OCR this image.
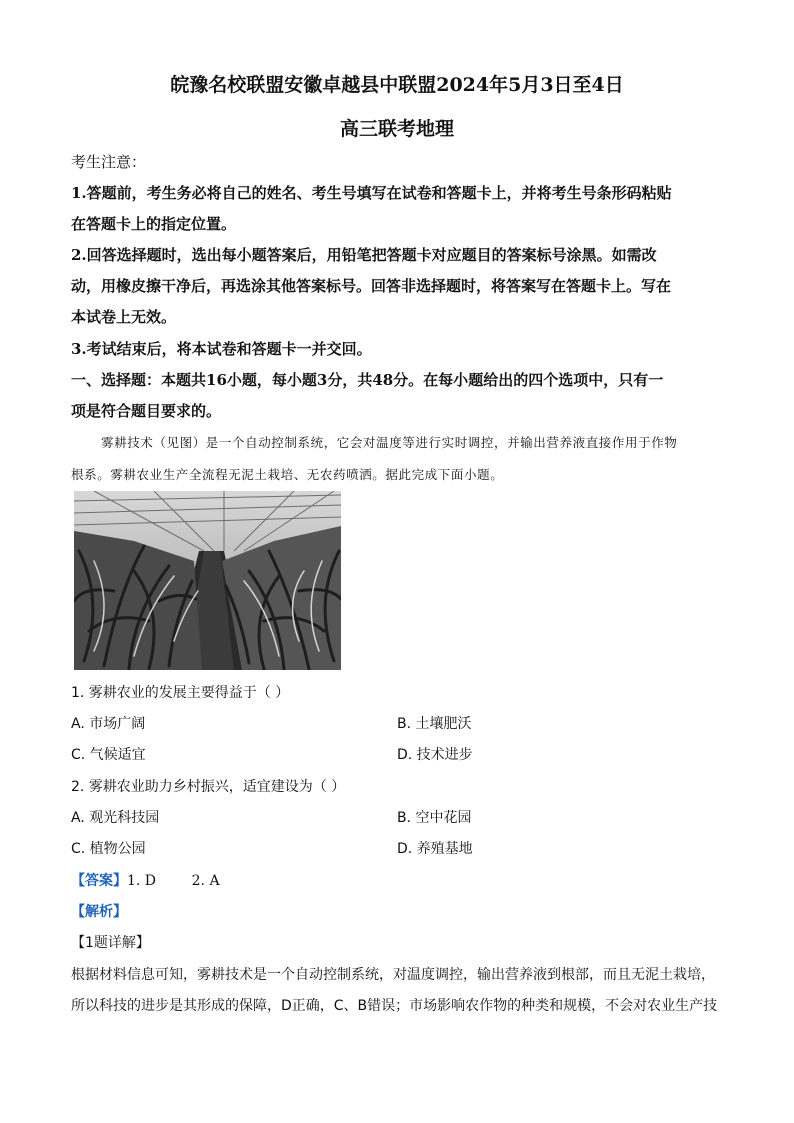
皖豫名校联盟安徽卓越县中联盟2024年5月3日至4日
高三联考地理
考生注意：
1.答题前，考生务必将自己的姓名、考生号填写在试卷和答题卡上，并将考生号条形码粘贴
在答题卡上的指定位置。
2.回答选择题时，选出每小题答案后，用铅笔把答题卡对应题目的答案标号涂黑。如需改
动，用橡皮擦干净后，再选涂其他答案标号。回答非选择题时，将答案写在答题卡上。写在
本试卷上无效。
3.考试结束后，将本试卷和答题卡一并交回。
一、选择题：本题共16小题，每小题3分，共48分。在每小题给出的四个选项中，只有一
项是符合题目要求的。
雾耕技术（见图）是一个自动控制系统，它会对温度等进行实时调控，并输出营养液直接作用于作物
根系。雾耕农业生产全流程无泥土栽培、无农药喷洒。据此完成下面小题。
1. 雾耕农业的发展主要得益于（ ）
A. 市场广阔	B. 土壤肥沃
C. 气候适宜	D. 技术进步
2. 雾耕农业助力乡村振兴，适宜建设为（ ）
A. 观光科技园	B. 空中花园
C. 植物公园	D. 养殖基地
【答案】1. D        2. A
【解析】
【1题详解】
根据材料信息可知，雾耕技术是一个自动控制系统，对温度调控，输出营养液到根部，而且无泥土栽培，
所以科技的进步是其形成的保障，D正确，C、B错误；市场影响农作物的种类和规模，不会对农业生产技
